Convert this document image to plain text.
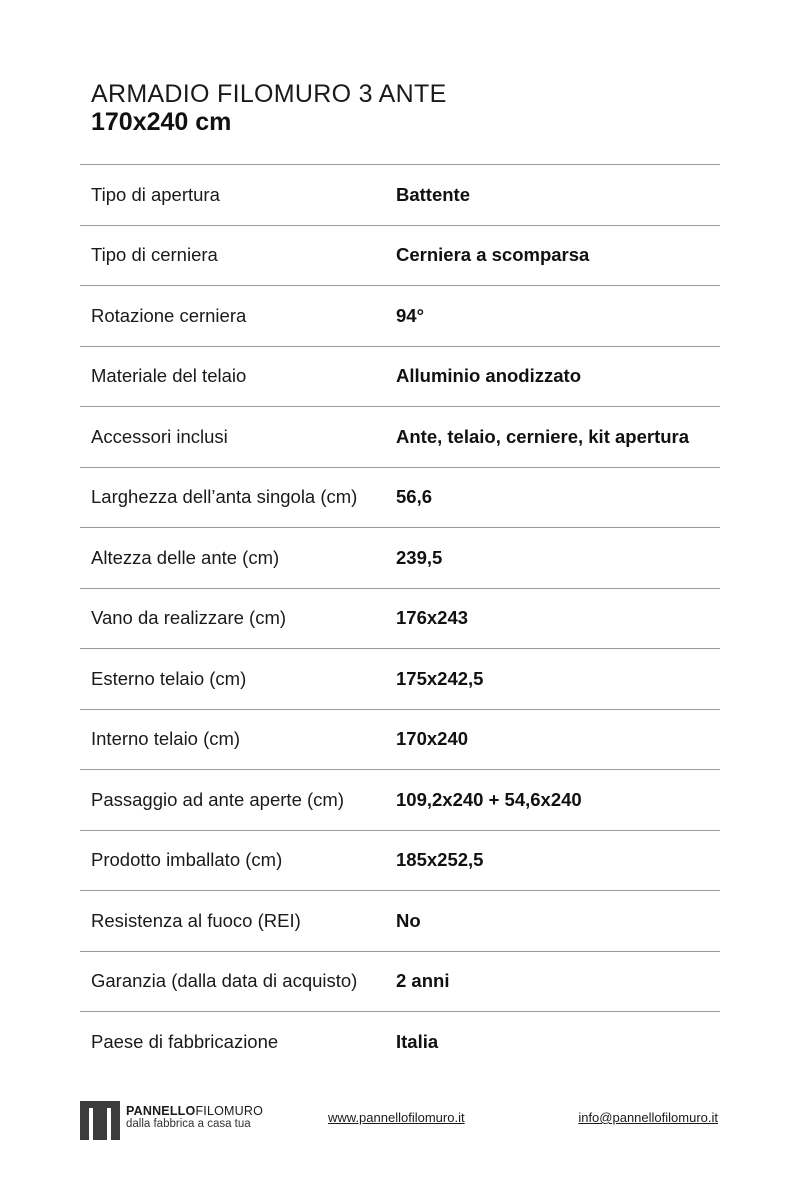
ARMADIO FILOMURO 3 ANTE
170x240 cm
Tipo di apertura	Battente
Tipo di cerniera	Cerniera a scomparsa
Rotazione cerniera	94°
Materiale del telaio	Alluminio anodizzato
Accessori inclusi	Ante, telaio, cerniere, kit apertura
Larghezza dell’anta singola (cm) 56,6
Altezza delle ante (cm)	239,5
Vano da realizzare (cm)	176x243
Esterno telaio (cm)	175x242,5
Interno telaio (cm)	170x240
Passaggio ad ante aperte (cm)	109,2x240 + 54,6x240
Prodotto imballato (cm)	185x252,5
Resistenza al fuoco (REI)	No
Garanzia (dalla data di acquisto) 2 anni
Paese di fabbricazione	Italia
PANNELLOFILOMURO
dalla fabbrica a casa tua	www.pannellofilomuro.it	info@pannellofilomuro.it
